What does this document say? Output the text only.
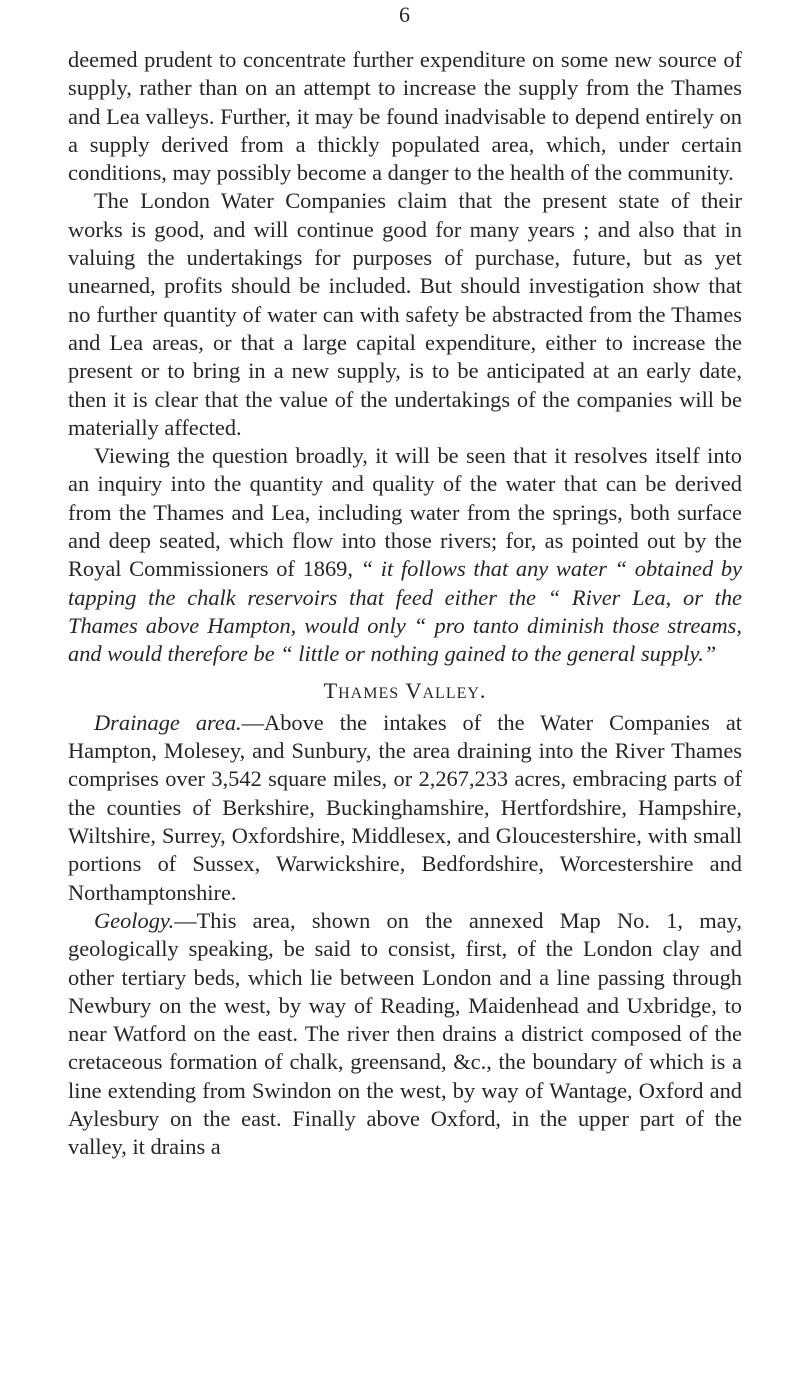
6

deemed prudent to concentrate further expenditure on some new source of supply, rather than on an attempt to increase the supply from the Thames and Lea valleys. Further, it may be found inadvisable to depend entirely on a supply derived from a thickly populated area, which, under certain conditions, may possibly become a danger to the health of the community.

The London Water Companies claim that the present state of their works is good, and will continue good for many years ; and also that in valuing the undertakings for purposes of purchase, future, but as yet unearned, profits should be included. But should investigation show that no further quantity of water can with safety be abstracted from the Thames and Lea areas, or that a large capital expenditure, either to increase the present or to bring in a new supply, is to be anticipated at an early date, then it is clear that the value of the undertakings of the companies will be materially affected.

Viewing the question broadly, it will be seen that it resolves itself into an inquiry into the quantity and quality of the water that can be derived from the Thames and Lea, including water from the springs, both surface and deep seated, which flow into those rivers; for, as pointed out by the Royal Commissioners of 1869, “ it follows that any water “ obtained by tapping the chalk reservoirs that feed either the “ River Lea, or the Thames above Hampton, would only “ pro tanto diminish those streams, and would therefore be “ little or nothing gained to the general supply.”

Thames Valley.

Drainage area.—Above the intakes of the Water Companies at Hampton, Molesey, and Sunbury, the area draining into the River Thames comprises over 3,542 square miles, or 2,267,233 acres, embracing parts of the counties of Berkshire, Buckinghamshire, Hertfordshire, Hampshire, Wiltshire, Surrey, Oxfordshire, Middlesex, and Gloucestershire, with small portions of Sussex, Warwickshire, Bedfordshire, Worcestershire and Northamptonshire.

Geology.—This area, shown on the annexed Map No. 1, may, geologically speaking, be said to consist, first, of the London clay and other tertiary beds, which lie between London and a line passing through Newbury on the west, by way of Reading, Maidenhead and Uxbridge, to near Watford on the east. The river then drains a district composed of the cretaceous formation of chalk, greensand, &c., the boundary of which is a line extending from Swindon on the west, by way of Wantage, Oxford and Aylesbury on the east. Finally above Oxford, in the upper part of the valley, it drains a
